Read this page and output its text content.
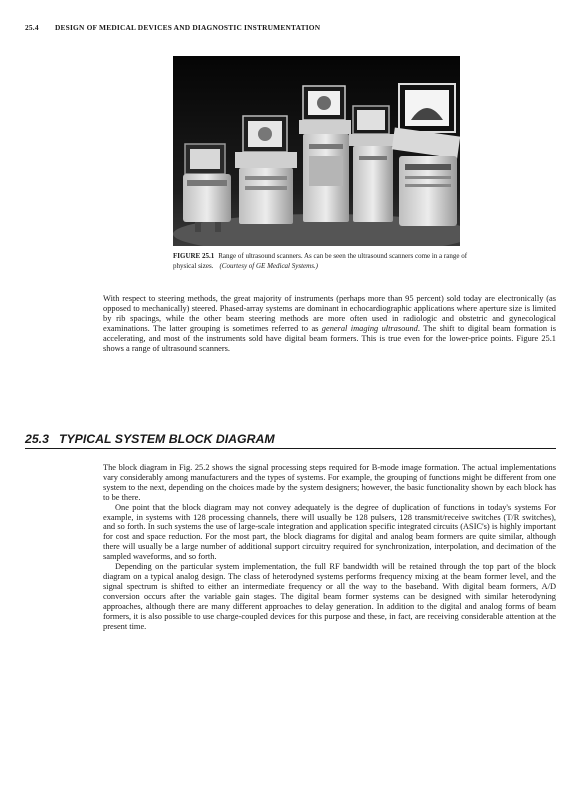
25.4 DESIGN OF MEDICAL DEVICES AND DIAGNOSTIC INSTRUMENTATION
FIGURE 25.1 Range of ultrasound scanners. As can be seen the ultrasound scanners come in a range of physical sizes. (Courtesy of GE Medical Systems.)

With respect to steering methods, the great majority of instruments (perhaps more than 95 percent) sold today are electronically (as opposed to mechanically) steered. Phased-array systems are dominant in echocardiographic applications where aperture size is limited by rib spacings, while the other beam steering methods are more often used in radiologic and obstetric and gynecological examinations. The latter grouping is sometimes referred to as general imaging ultrasound. The shift to digital beam formation is accelerating, and most of the instruments sold have digital beam formers. This is true even for the lower-price points. Figure 25.1 shows a range of ultrasound scanners.

25.3 TYPICAL SYSTEM BLOCK DIAGRAM

The block diagram in Fig. 25.2 shows the signal processing steps required for B-mode image formation. The actual implementations vary considerably among manufacturers and the types of systems. For example, the grouping of functions might be different from one system to the next, depending on the choices made by the system designers; however, the basic functionality shown by each block has to be there.

One point that the block diagram may not convey adequately is the degree of duplication of functions in today's systems For example, in systems with 128 processing channels, there will usually be 128 pulsers, 128 transmit/receive switches (T/R switches), and so forth. In such systems the use of large-scale integration and application specific integrated circuits (ASIC's) is highly important for cost and space reduction. For the most part, the block diagrams for digital and analog beam formers are quite similar, although there will usually be a large number of additional support circuitry required for synchronization, interpolation, and decimation of the sampled waveforms, and so forth.

Depending on the particular system implementation, the full RF bandwidth will be retained through the top part of the block diagram on a typical analog design. The class of heterodyned systems performs frequency mixing at the beam former level, and the signal spectrum is shifted to either an intermediate frequency or all the way to the baseband. With digital beam formers, A/D conversion occurs after the variable gain stages. The digital beam former systems can be designed with similar heterodyning approaches, although there are many different approaches to delay generation. In addition to the digital and analog forms of beam formers, it is also possible to use charge-coupled devices for this purpose and these, in fact, are receiving considerable attention at the present time.
